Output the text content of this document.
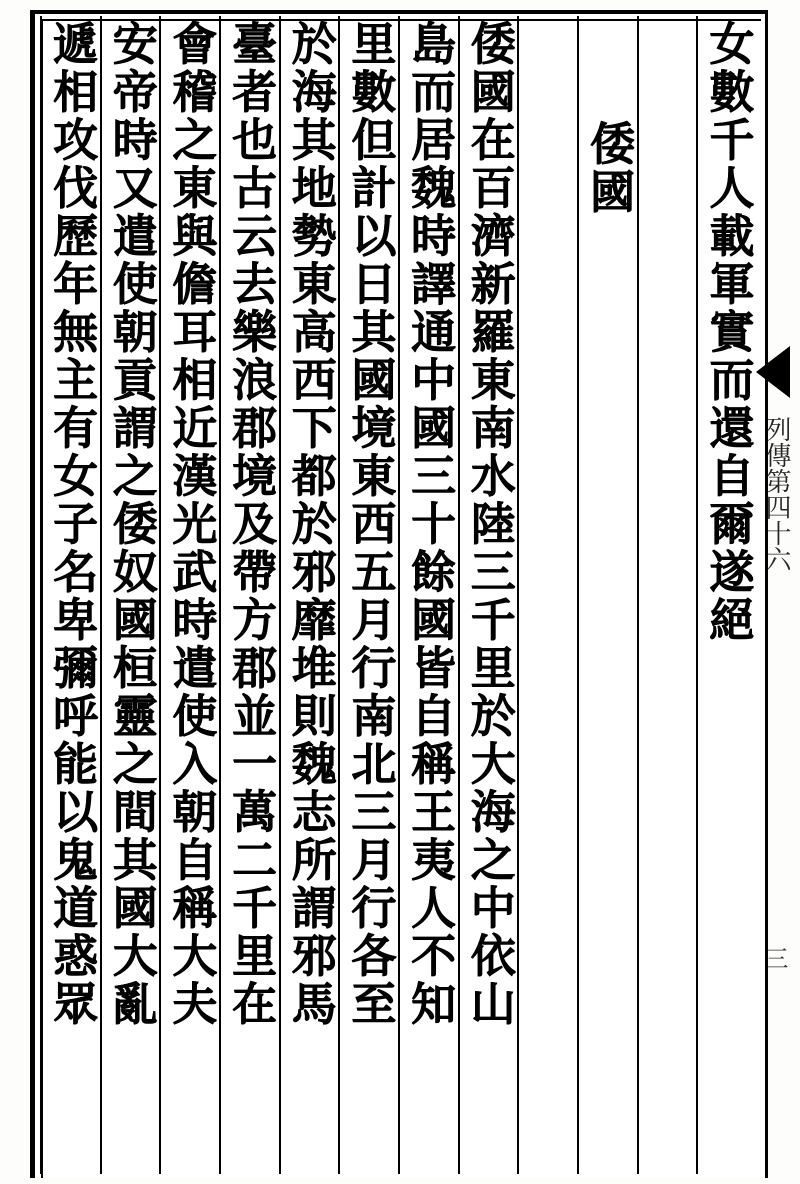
女數千人載軍實而還自爾遂絕
倭國
倭國在百濟新羅東南水陸三千里於大海之中依山
島而居魏時譯通中國三十餘國皆自稱王夷人不知
里數但計以日其國境東西五月行南北三月行各至
於海其地勢東高西下都於邪靡堆則魏志所謂邪馬
臺者也古云去樂浪郡境及帶方郡並一萬二千里在
會稽之東與儋耳相近漢光武時遣使入朝自稱大夫
安帝時又遣使朝貢謂之倭奴國桓靈之間其國大亂
遞相攻伐歷年無主有女子名卑彌呼能以鬼道惑眾	列傳第四十六
三
